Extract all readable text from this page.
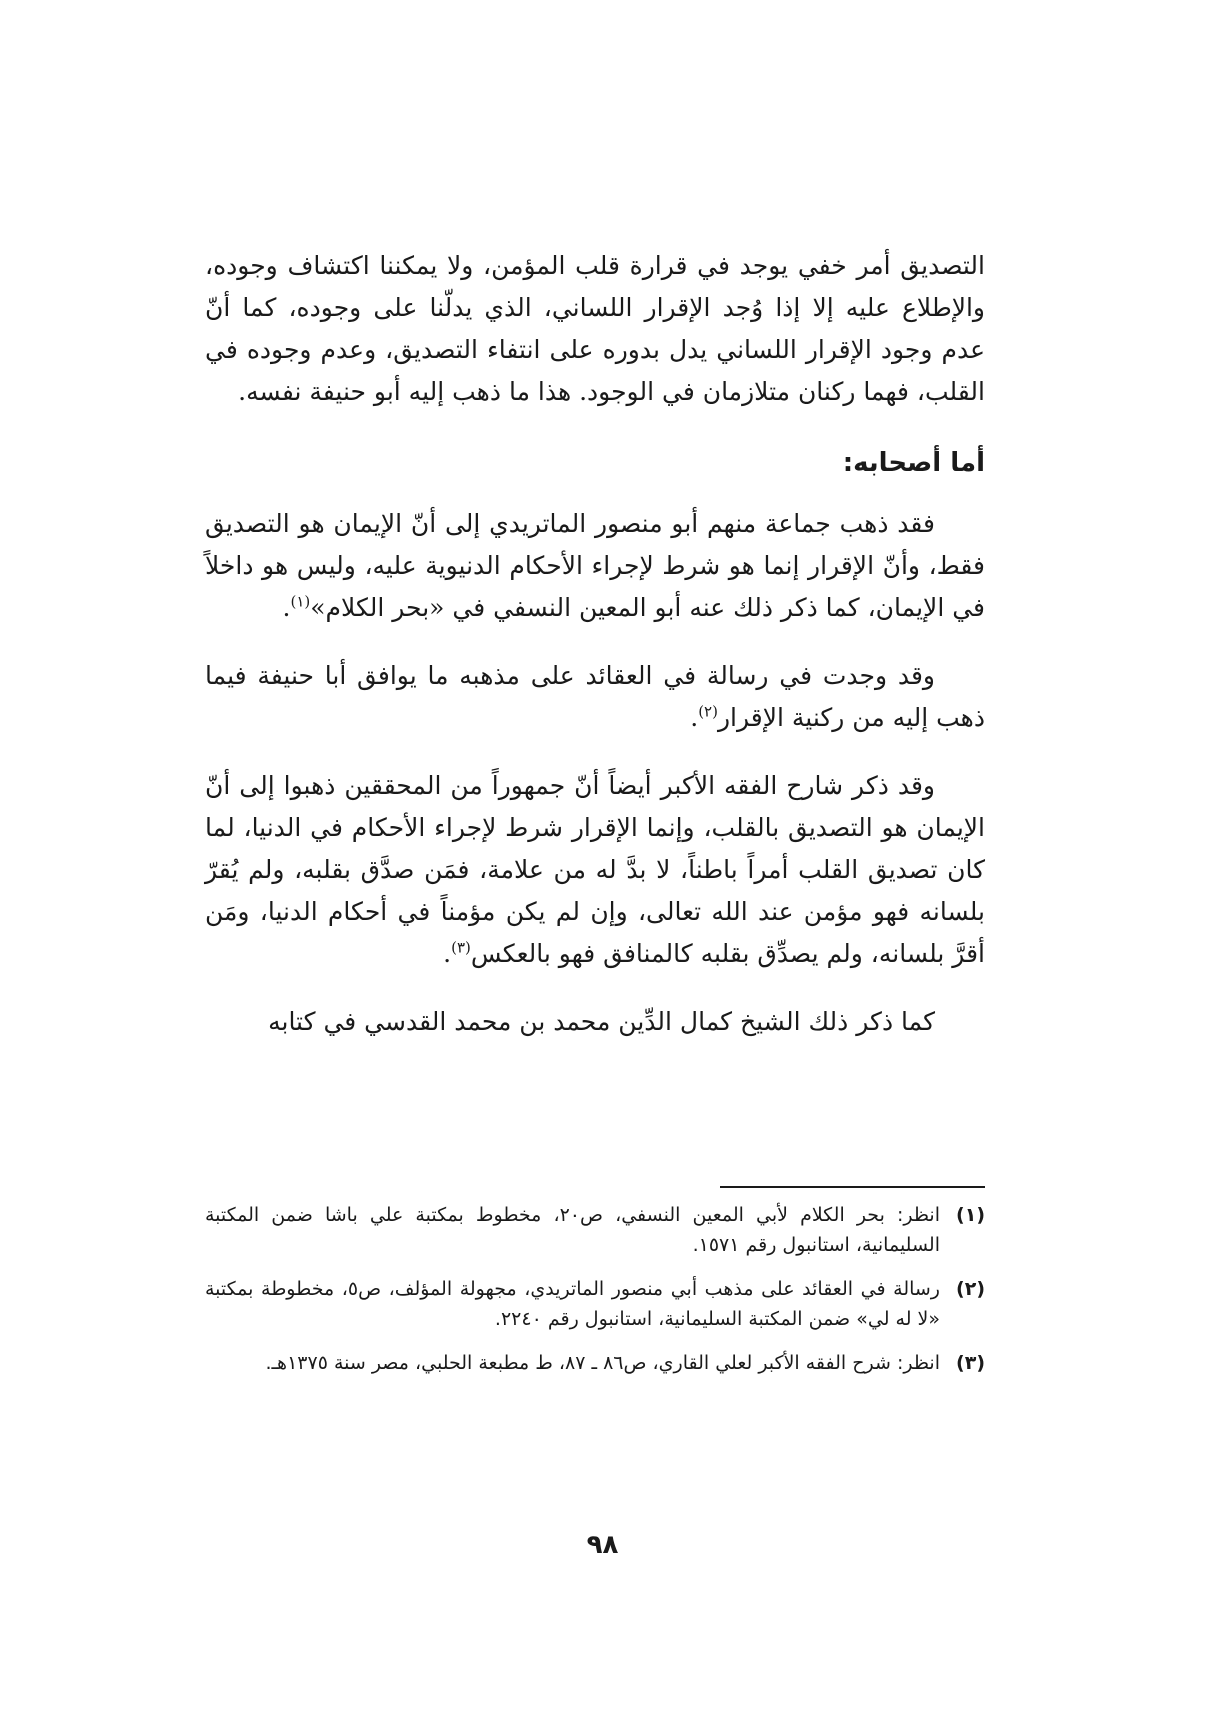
التصديق أمر خفي يوجد في قرارة قلب المؤمن، ولا يمكننا اكتشاف وجوده، والإطلاع عليه إلا إذا وُجد الإقرار اللساني، الذي يدلّنا على وجوده، كما أنّ عدم وجود الإقرار اللساني يدل بدوره على انتفاء التصديق، وعدم وجوده في القلب، فهما ركنان متلازمان في الوجود. هذا ما ذهب إليه أبو حنيفة نفسه.

أما أصحابه:

فقد ذهب جماعة منهم أبو منصور الماتريدي إلى أنّ الإيمان هو التصديق فقط، وأنّ الإقرار إنما هو شرط لإجراء الأحكام الدنيوية عليه، وليس هو داخلاً في الإيمان، كما ذكر ذلك عنه أبو المعين النسفي في «بحر الكلام»$^{(١)}$.

وقد وجدت في رسالة في العقائد على مذهبه ما يوافق أبا حنيفة فيما ذهب إليه من ركنية الإقرار$^{(٢)}$.

وقد ذكر شارح الفقه الأكبر أيضاً أنّ جمهوراً من المحققين ذهبوا إلى أنّ الإيمان هو التصديق بالقلب، وإنما الإقرار شرط لإجراء الأحكام في الدنيا، لما كان تصديق القلب أمراً باطناً، لا بدَّ له من علامة، فمَن صدَّق بقلبه، ولم يُقرّ بلسانه فهو مؤمن عند الله تعالى، وإن لم يكن مؤمناً في أحكام الدنيا، ومَن أقرَّ بلسانه، ولم يصدِّق بقلبه كالمنافق فهو بالعكس$^{(٣)}$.

كما ذكر ذلك الشيخ كمال الدِّين محمد بن محمد القدسي في كتابه

(١)
انظر: بحر الكلام لأبي المعين النسفي، ص٢٠، مخطوط بمكتبة علي باشا ضمن المكتبة السليمانية، استانبول رقم ١٥٧١.
(٢)
رسالة في العقائد على مذهب أبي منصور الماتريدي، مجهولة المؤلف، ص٥، مخطوطة بمكتبة «لا له لي» ضمن المكتبة السليمانية، استانبول رقم ٢٢٤٠.
(٣)
انظر: شرح الفقه الأكبر لعلي القاري، ص٨٦ ـ ٨٧، ط مطبعة الحلبي، مصر سنة ١٣٧٥هـ.
٩٨
